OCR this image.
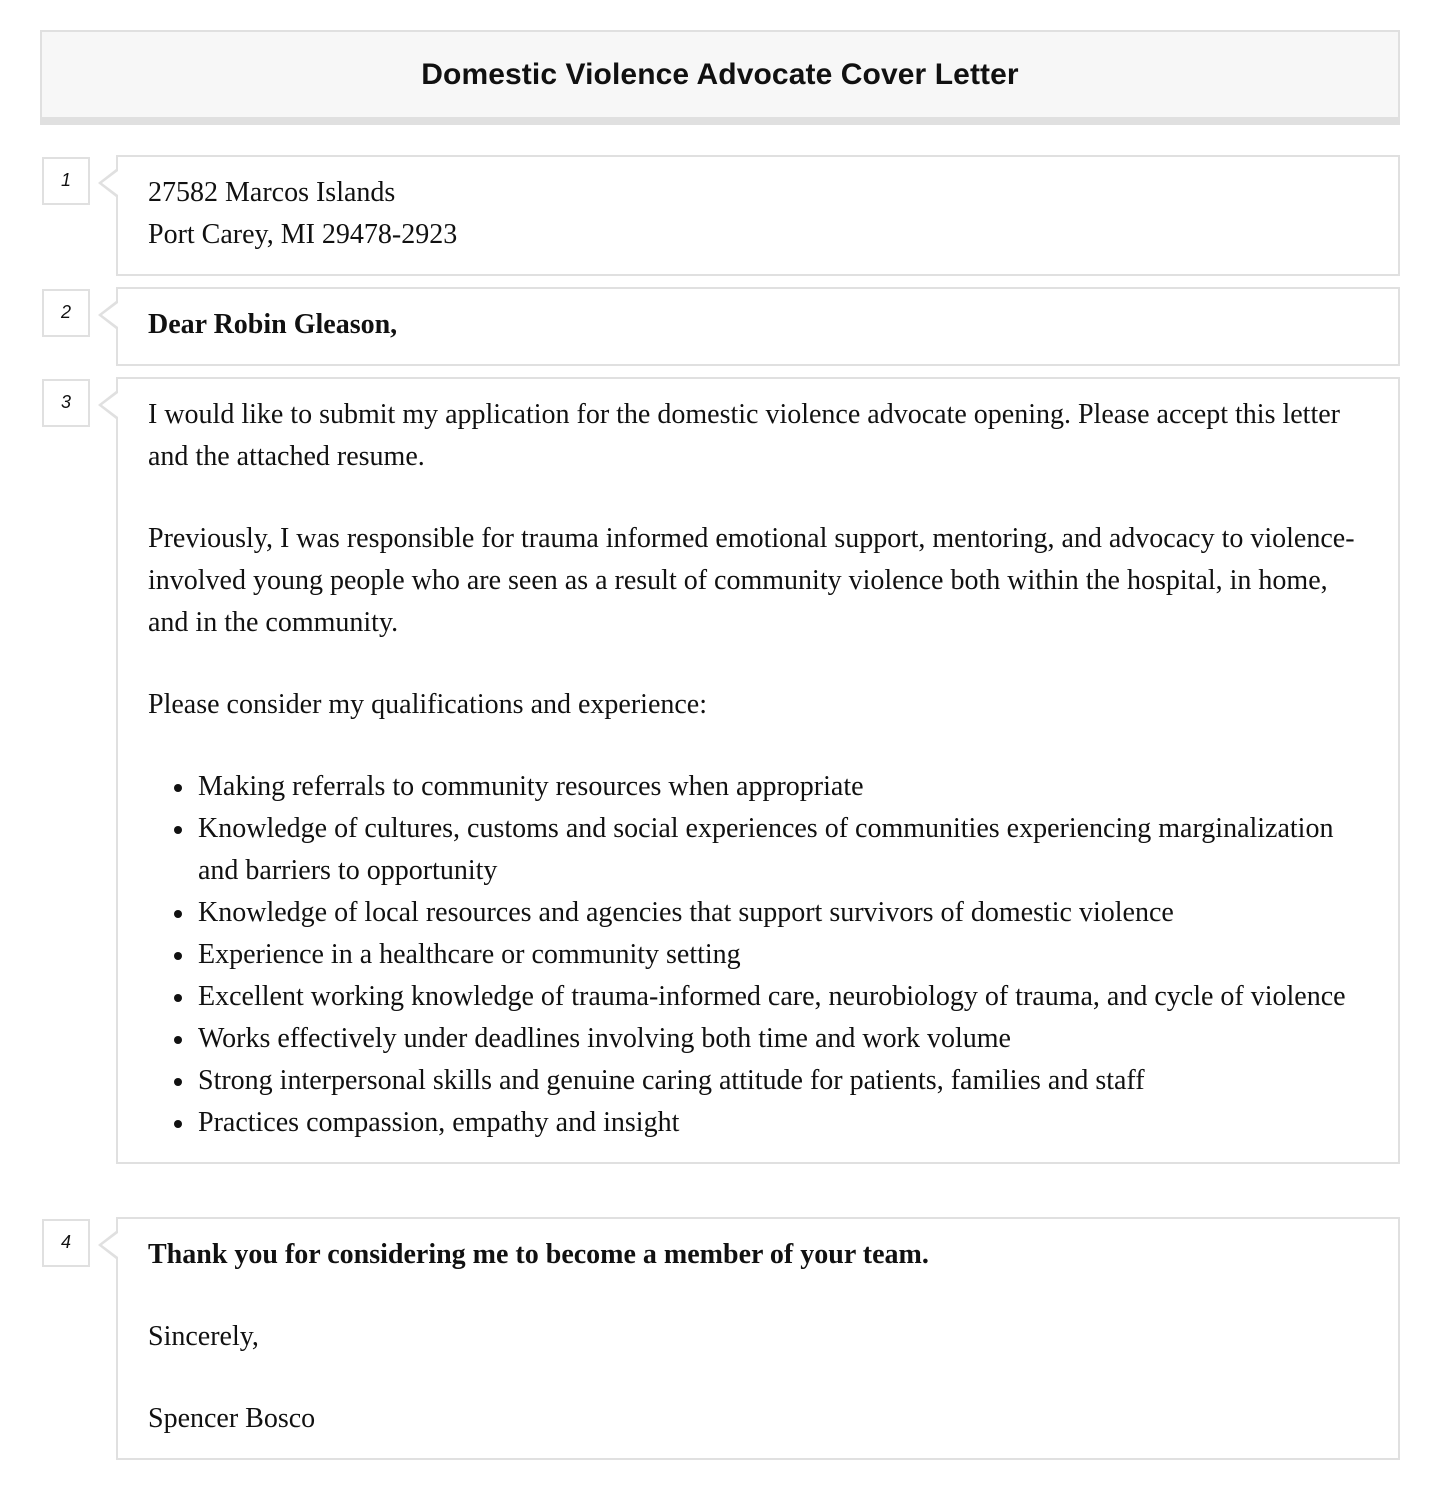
Domestic Violence Advocate Cover Letter
1	27582 Marcos Islands
Port Carey, MI 29478-2923
2	Dear Robin Gleason,
3	I would like to submit my application for the domestic violence advocate opening. Please accept this letter and the attached resume.

Previously, I was responsible for trauma informed emotional support, mentoring, and advocacy to violence-involved young people who are seen as a result of community violence both within the hospital, in home, and in the community.

Please consider my qualifications and experience:

Making referrals to community resources when appropriate
Knowledge of cultures, customs and social experiences of communities experiencing marginalization and barriers to opportunity
Knowledge of local resources and agencies that support survivors of domestic violence
Experience in a healthcare or community setting
Excellent working knowledge of trauma-informed care, neurobiology of trauma, and cycle of violence
Works effectively under deadlines involving both time and work volume
Strong interpersonal skills and genuine caring attitude for patients, families and staff
Practices compassion, empathy and insight
4	Thank you for considering me to become a member of your team.

Sincerely,

Spencer Bosco
